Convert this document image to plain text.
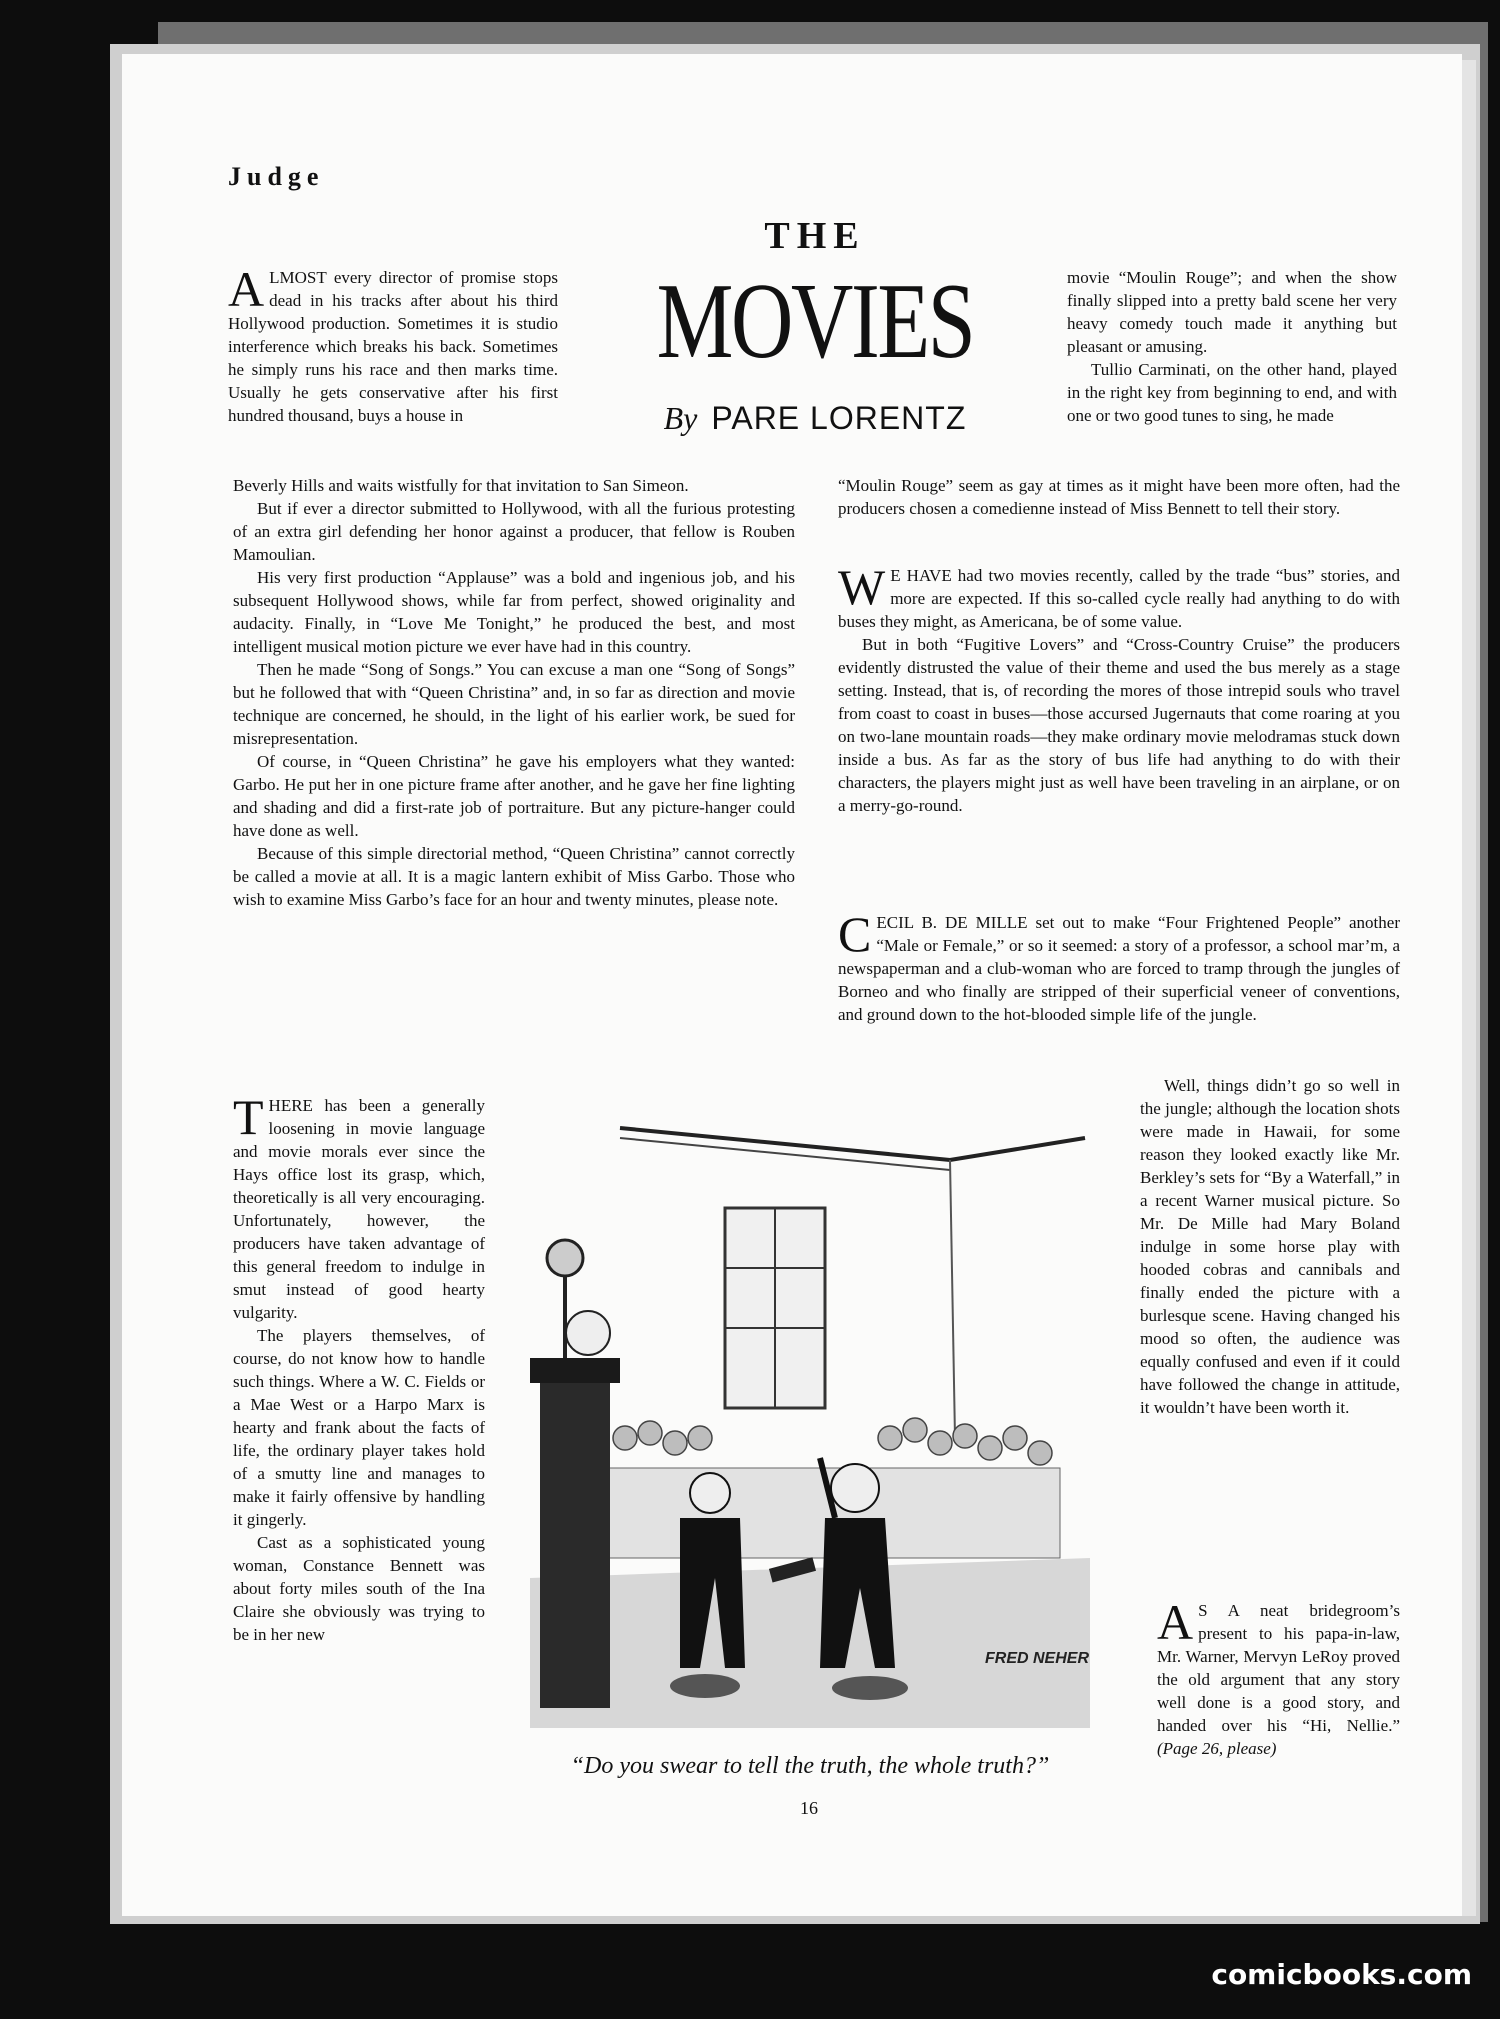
Judge
THE
MOVIES
By PARE LORENTZ

ALMOST every director of promise stops dead in his tracks after about his third Hollywood production. Sometimes it is studio interference which breaks his back. Sometimes he simply runs his race and then marks time. Usually he gets conservative after his first hundred thousand, buys a house in

Beverly Hills and waits wistfully for that invitation to San Simeon.

But if ever a director submitted to Hollywood, with all the furious protesting of an extra girl defending her honor against a producer, that fellow is Rouben Mamoulian.

His very first production “Applause” was a bold and ingenious job, and his subsequent Hollywood shows, while far from perfect, showed originality and audacity. Finally, in “Love Me Tonight,” he produced the best, and most intelligent musical motion picture we ever have had in this country.

Then he made “Song of Songs.” You can excuse a man one “Song of Songs” but he followed that with “Queen Christina” and, in so far as direction and movie technique are concerned, he should, in the light of his earlier work, be sued for misrepresentation.

Of course, in “Queen Christina” he gave his employers what they wanted: Garbo. He put her in one picture frame after another, and he gave her fine lighting and shading and did a first-rate job of portraiture. But any picture-hanger could have done as well.

Because of this simple directorial method, “Queen Christina” cannot correctly be called a movie at all. It is a magic lantern exhibit of Miss Garbo. Those who wish to examine Miss Garbo’s face for an hour and twenty minutes, please note.

movie “Moulin Rouge”; and when the show finally slipped into a pretty bald scene her very heavy comedy touch made it anything but pleasant or amusing.

Tullio Carminati, on the other hand, played in the right key from beginning to end, and with one or two good tunes to sing, he made

“Moulin Rouge” seem as gay at times as it might have been more often, had the producers chosen a comedienne instead of Miss Bennett to tell their story.

W E HAVE had two movies recently, called by the trade “bus” stories, and more are expected. If this so-called cycle really had anything to do with buses they might, as Americana, be of some value.

But in both “Fugitive Lovers” and “Cross-Country Cruise” the producers evidently distrusted the value of their theme and used the bus merely as a stage setting. Instead, that is, of recording the mores of those intrepid souls who travel from coast to coast in buses—those accursed Jugernauts that come roaring at you on two-lane mountain roads—they make ordinary movie melodramas stuck down inside a bus. As far as the story of bus life had anything to do with their characters, the players might just as well have been traveling in an airplane, or on a merry-go-round.

CECIL B. DE MILLE set out to make “Four Frightened People” another “Male or Female,” or so it seemed: a story of a professor, a school mar’m, a newspaperman and a club-woman who are forced to tramp through the jungles of Borneo and who finally are stripped of their superficial veneer of conventions, and ground down to the hot-blooded simple life of the jungle.

THERE has been a generally loosening in movie language and movie morals ever since the Hays office lost its grasp, which, theoretically is all very encouraging. Unfortunately, however, the producers have taken advantage of this general freedom to indulge in smut instead of good hearty vulgarity.

The players themselves, of course, do not know how to handle such things. Where a W. C. Fields or a Mae West or a Harpo Marx is hearty and frank about the facts of life, the ordinary player takes hold of a smutty line and manages to make it fairly offensive by handling it gingerly.

Cast as a sophisticated young woman, Constance Bennett was about forty miles south of the Ina Claire she obviously was trying to be in her new

Well, things didn’t go so well in the jungle; although the location shots were made in Hawaii, for some reason they looked exactly like Mr. Berkley’s sets for “By a Waterfall,” in a recent Warner musical picture. So Mr. De Mille had Mary Boland indulge in some horse play with hooded cobras and cannibals and finally ended the picture with a burlesque scene. Having changed his mood so often, the audience was equally confused and even if it could have followed the change in attitude, it wouldn’t have been worth it.

A S A neat bridegroom’s present to his papa-in-law, Mr. Warner, Mervyn LeRoy proved the old argument that any story well done is a good story, and handed over his “Hi, Nellie.” (Page 26, please)

FRED NEHER
“Do you swear to tell the truth, the whole truth?”
16
comicbooks.com
